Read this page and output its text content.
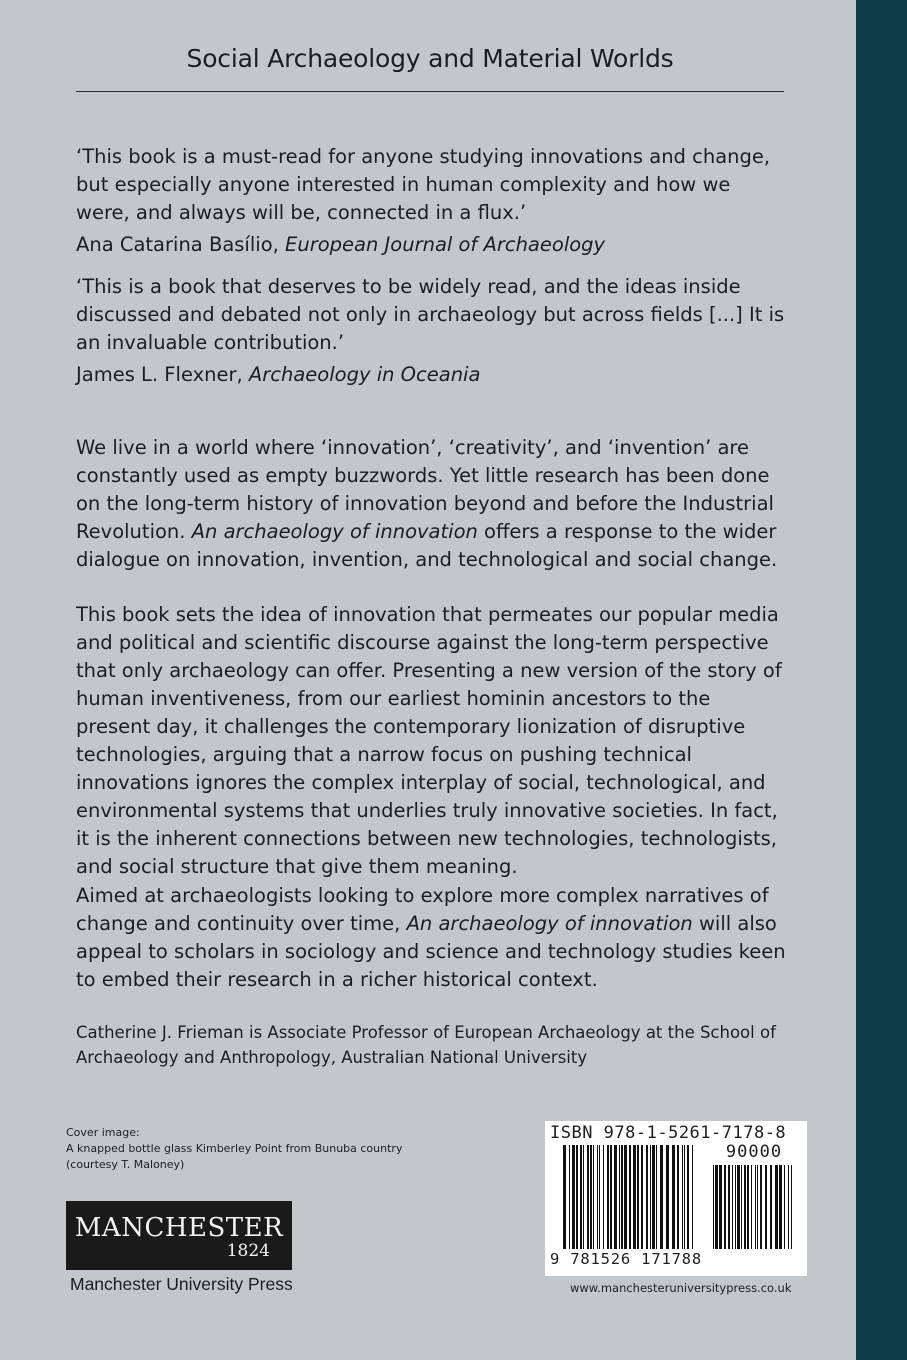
Social Archaeology and Material Worlds

‘This book is a must-read for anyone studying innovations and change, but especially anyone interested in human complexity and how we were, and always will be, connected in a flux.’

Ana Catarina Basílio, European Journal of Archaeology

‘This is a book that deserves to be widely read, and the ideas inside discussed and debated not only in archaeology but across fields [...] It is an invaluable contribution.’

James L. Flexner, Archaeology in Oceania

We live in a world where ‘innovation’, ‘creativity’, and ‘invention’ are constantly used as empty buzzwords. Yet little research has been done on the long-term history of innovation beyond and before the Industrial Revolution. An archaeology of innovation offers a response to the wider dialogue on innovation, invention, and technological and social change.

This book sets the idea of innovation that permeates our popular media and political and scientific discourse against the long-term perspective that only archaeology can offer. Presenting a new version of the story of human inventiveness, from our earliest hominin ancestors to the present day, it challenges the contemporary lionization of disruptive technologies, arguing that a narrow focus on pushing technical innovations ignores the complex interplay of social, technological, and environmental systems that underlies truly innovative societies. In fact, it is the inherent connections between new technologies, technologists, and social structure that give them meaning.

Aimed at archaeologists looking to explore more complex narratives of change and continuity over time, An archaeology of innovation will also appeal to scholars in sociology and science and technology studies keen to embed their research in a richer historical context.

Catherine J. Frieman is Associate Professor of European Archaeology at the School of Archaeology and Anthropology, Australian National University

Cover image:
A knapped bottle glass Kimberley Point from Bunuba country
(courtesy T. Maloney)
MANCHESTER
1824
Manchester University Press
ISBN 978-1-5261-7178-8
90000
9 781526 171788
www.manchesteruniversitypress.co.uk
